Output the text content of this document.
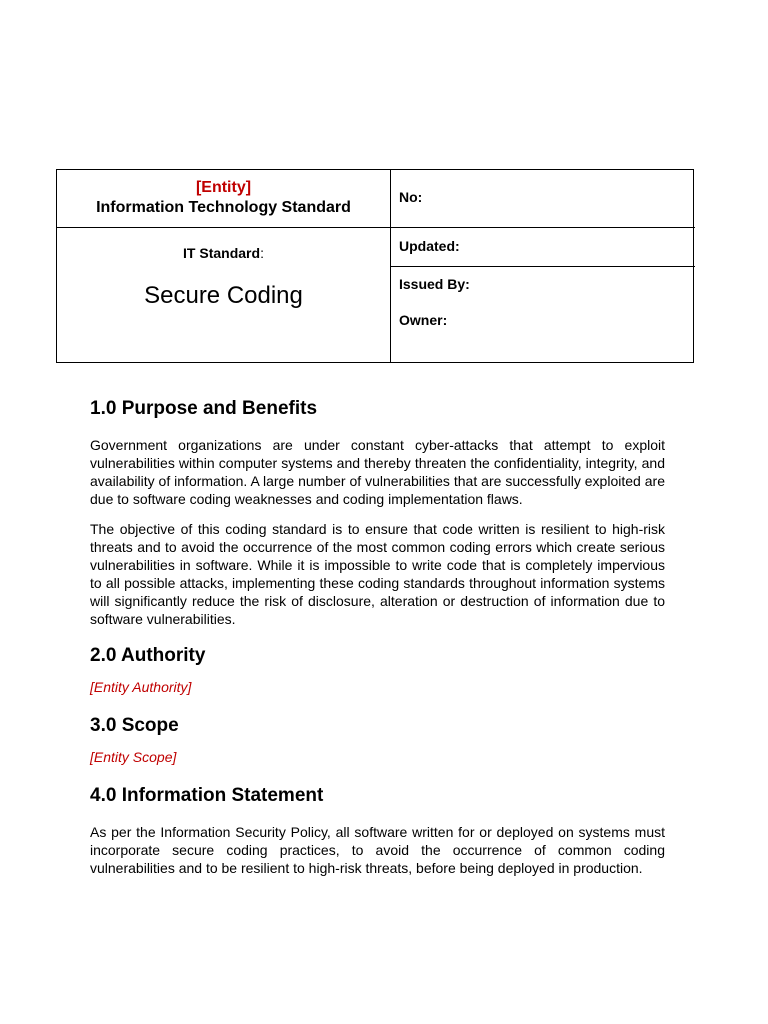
[Entity]
Information Technology Standard
IT Standard:
Secure Coding
No:
Updated:
Issued By:
Owner:
1.0 Purpose and Benefits

Government organizations are under constant cyber-attacks that attempt to exploit vulnerabilities within computer systems and thereby threaten the confidentiality, integrity, and availability of information. A large number of vulnerabilities that are successfully exploited are due to software coding weaknesses and coding implementation flaws.

The objective of this coding standard is to ensure that code written is resilient to high-risk threats and to avoid the occurrence of the most common coding errors which create serious vulnerabilities in software. While it is impossible to write code that is completely impervious to all possible attacks, implementing these coding standards throughout information systems will significantly reduce the risk of disclosure, alteration or destruction of information due to software vulnerabilities.

2.0 Authority
[Entity Authority]
3.0 Scope
[Entity Scope]
4.0 Information Statement

As per the Information Security Policy, all software written for or deployed on systems must incorporate secure coding practices, to avoid the occurrence of common coding vulnerabilities and to be resilient to high-risk threats, before being deployed in production.
